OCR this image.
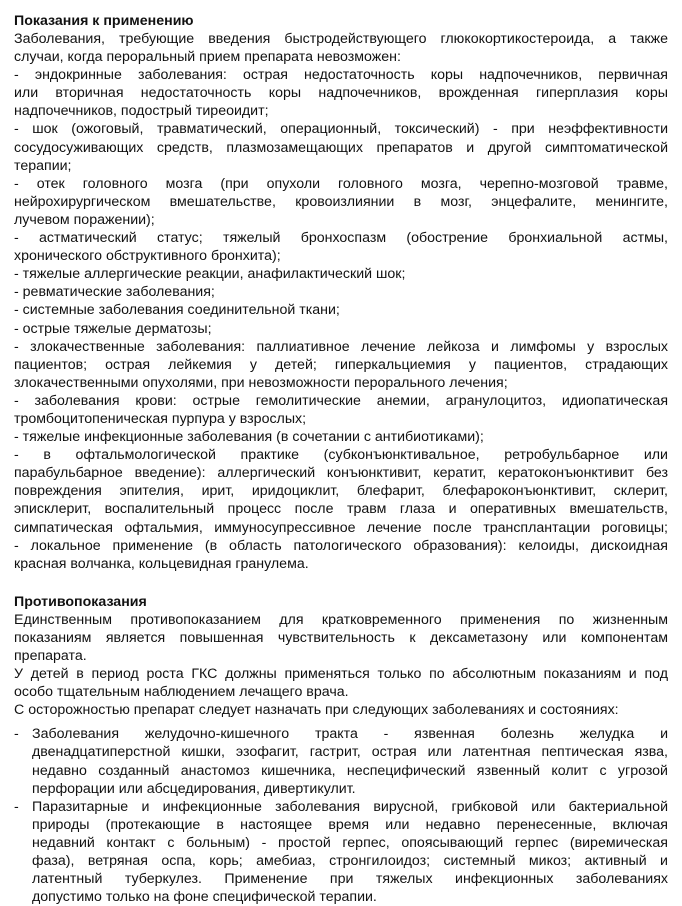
Показания к применению
Заболевания, требующие введения быстродействующего глюкокортикостероида, а также
случаи, когда пероральный прием препарата невозможен:
- эндокринные заболевания: острая недостаточность коры надпочечников, первичная
или вторичная недостаточность коры надпочечников, врожденная гиперплазия коры
надпочечников, подострый тиреоидит;
- шок (ожоговый, травматический, операционный, токсический) - при неэффективности
сосудосуживающих средств, плазмозамещающих препаратов и другой симптоматической
терапии;
- отек головного мозга (при опухоли головного мозга, черепно-мозговой травме,
нейрохирургическом вмешательстве, кровоизлиянии в мозг, энцефалите, менингите,
лучевом поражении);
- астматический статус; тяжелый бронхоспазм (обострение бронхиальной астмы,
хронического обструктивного бронхита);
- тяжелые аллергические реакции, анафилактический шок;
- ревматические заболевания;
- системные заболевания соединительной ткани;
- острые тяжелые дерматозы;
- злокачественные заболевания: паллиативное лечение лейкоза и лимфомы у взрослых
пациентов; острая лейкемия у детей; гиперкальциемия у пациентов, страдающих
злокачественными опухолями, при невозможности перорального лечения;
- заболевания крови: острые гемолитические анемии, агранулоцитоз, идиопатическая
тромбоцитопеническая пурпура у взрослых;
- тяжелые инфекционные заболевания (в сочетании с антибиотиками);
- в офтальмологической практике (субконъюнктивальное, ретробульбарное или
парабульбарное введение): аллергический конъюнктивит, кератит, кератоконъюнктивит без
повреждения эпителия, ирит, иридоциклит, блефарит, блефароконъюнктивит, склерит,
эписклерит, воспалительный процесс после травм глаза и оперативных вмешательств,
симпатическая офтальмия, иммуносупрессивное лечение после трансплантации роговицы;
- локальное применение (в область патологического образования): келоиды, дискоидная
красная волчанка, кольцевидная гранулема.
Противопоказания
Единственным противопоказанием для кратковременного применения по жизненным
показаниям является повышенная чувствительность к дексаметазону или компонентам
препарата.
У детей в период роста ГКС должны применяться только по абсолютным показаниям и под
особо тщательным наблюдением лечащего врача.
С осторожностью препарат следует назначать при следующих заболеваниях и состояниях:
- Заболевания желудочно-кишечного тракта - язвенная болезнь желудка и
двенадцатиперстной кишки, эзофагит, гастрит, острая или латентная пептическая язва,
недавно созданный анастомоз кишечника, неспецифический язвенный колит с угрозой
перфорации или абсцедирования, дивертикулит.
- Паразитарные и инфекционные заболевания вирусной, грибковой или бактериальной
природы (протекающие в настоящее время или недавно перенесенные, включая
недавний контакт с больным) - простой герпес, опоясывающий герпес (виремическая
фаза), ветряная оспа, корь; амебиаз, стронгилоидоз; системный микоз; активный и
латентный туберкулез. Применение при тяжелых инфекционных заболеваниях
допустимо только на фоне специфической терапии.
